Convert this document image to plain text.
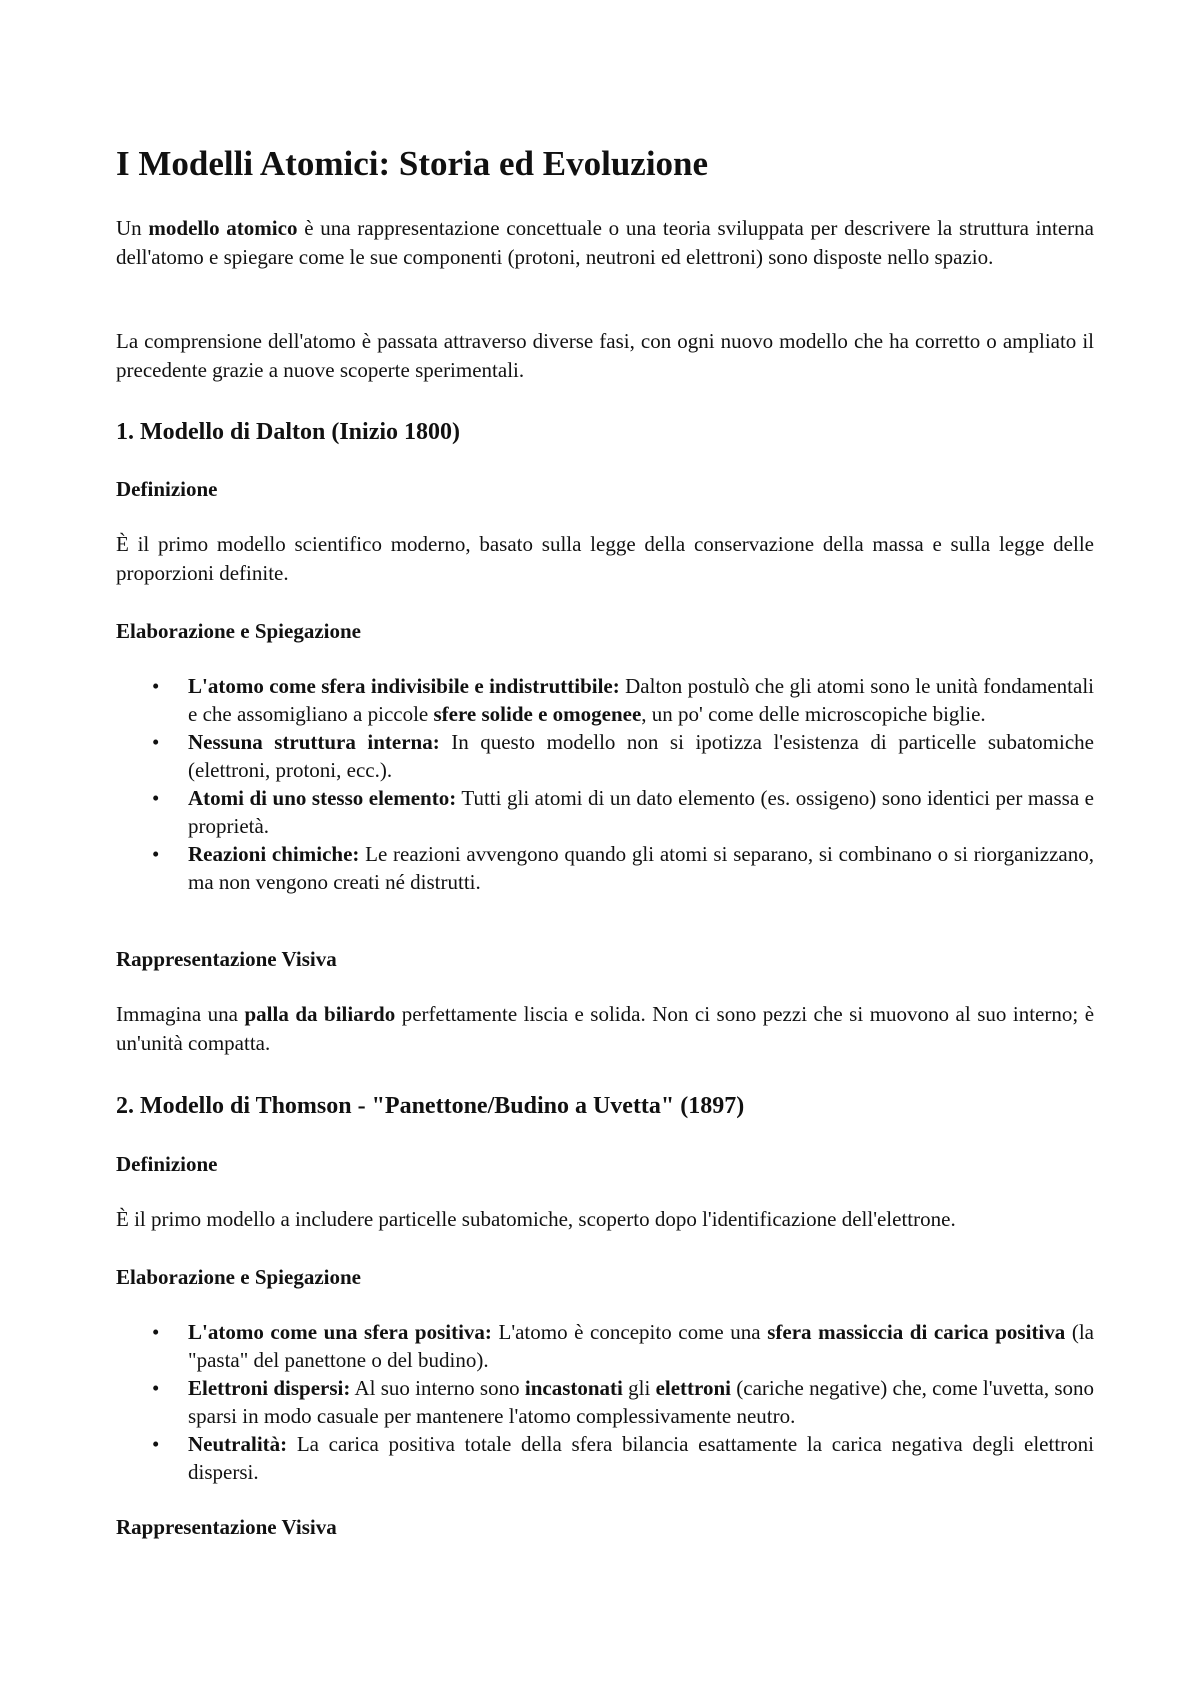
I Modelli Atomici: Storia ed Evoluzione

Un modello atomico è una rappresentazione concettuale o una teoria sviluppata per descrivere la struttura interna dell'atomo e spiegare come le sue componenti (protoni, neutroni ed elettroni) sono disposte nello spazio.

La comprensione dell'atomo è passata attraverso diverse fasi, con ogni nuovo modello che ha corretto o ampliato il precedente grazie a nuove scoperte sperimentali.

1. Modello di Dalton (Inizio 1800)
Definizione

È il primo modello scientifico moderno, basato sulla legge della conservazione della massa e sulla legge delle proporzioni definite.

Elaborazione e Spiegazione
• L'atomo come sfera indivisibile e indistruttibile: Dalton postulò che gli atomi sono le unità fondamentali e che assomigliano a piccole sfere solide e omogenee, un po' come delle microscopiche biglie.
• Nessuna struttura interna: In questo modello non si ipotizza l'esistenza di particelle subatomiche (elettroni, protoni, ecc.).
• Atomi di uno stesso elemento: Tutti gli atomi di un dato elemento (es. ossigeno) sono identici per massa e proprietà.
• Reazioni chimiche: Le reazioni avvengono quando gli atomi si separano, si combinano o si riorganizzano, ma non vengono creati né distrutti.
Rappresentazione Visiva

Immagina una palla da biliardo perfettamente liscia e solida. Non ci sono pezzi che si muovono al suo interno; è un'unità compatta.

2. Modello di Thomson - "Panettone/Budino a Uvetta" (1897)
Definizione

È il primo modello a includere particelle subatomiche, scoperto dopo l'identificazione dell'elettrone.

Elaborazione e Spiegazione
• L'atomo come una sfera positiva: L'atomo è concepito come una sfera massiccia di carica positiva (la "pasta" del panettone o del budino).
• Elettroni dispersi: Al suo interno sono incastonati gli elettroni (cariche negative) che, come l'uvetta, sono sparsi in modo casuale per mantenere l'atomo complessivamente neutro.
• Neutralità: La carica positiva totale della sfera bilancia esattamente la carica negativa degli elettroni dispersi.
Rappresentazione Visiva
